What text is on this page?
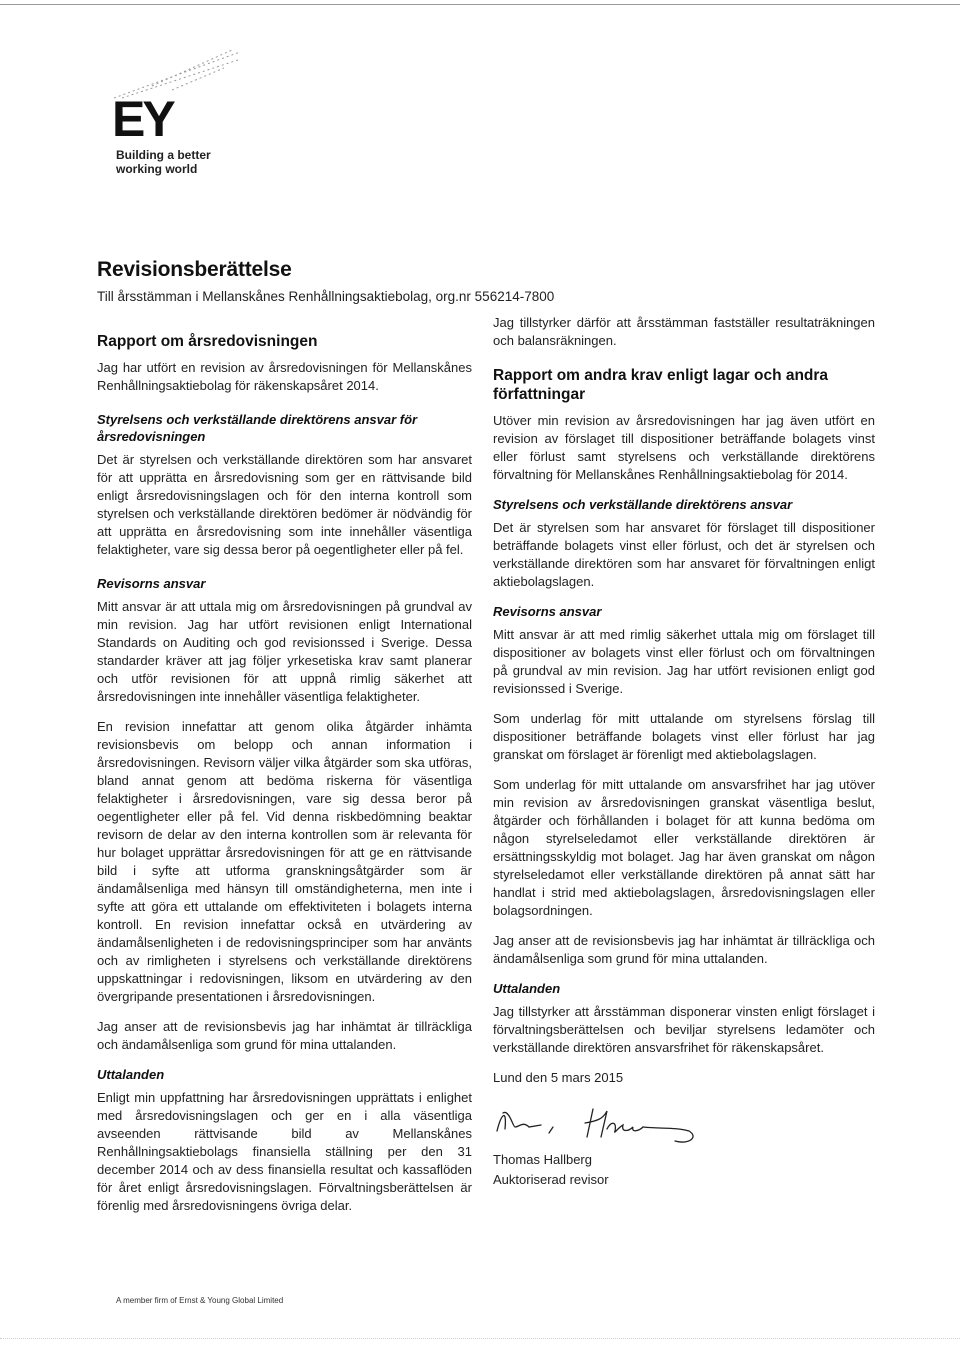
EY
Building a better
working world
Revisionsberättelse
Till årsstämman i Mellanskånes Renhållningsaktiebolag, org.nr 556214-7800
Rapport om årsredovisningen

Jag har utfört en revision av årsredovisningen för Mellanskånes Renhållningsaktiebolag för räkenskapsåret 2014.

Styrelsens och verkställande direktörens ansvar för årsredovisningen

Det är styrelsen och verkställande direktören som har ansvaret för att upprätta en årsredovisning som ger en rättvisande bild enligt årsredovisningslagen och för den interna kontroll som styrelsen och verkställande direktören bedömer är nödvändig för att upprätta en årsredovisning som inte innehåller väsentliga felaktigheter, vare sig dessa beror på oegentligheter eller på fel.

Revisorns ansvar

Mitt ansvar är att uttala mig om årsredovisningen på grundval av min revision. Jag har utfört revisionen enligt International Standards on Auditing och god revisionssed i Sverige. Dessa standarder kräver att jag följer yrkesetiska krav samt planerar och utför revisionen för att uppnå rimlig säkerhet att årsredovisningen inte innehåller väsentliga felaktigheter.

En revision innefattar att genom olika åtgärder inhämta revisionsbevis om belopp och annan information i årsredovisningen. Revisorn väljer vilka åtgärder som ska utföras, bland annat genom att bedöma riskerna för väsentliga felaktigheter i årsredovisningen, vare sig dessa beror på oegentligheter eller på fel. Vid denna riskbedömning beaktar revisorn de delar av den interna kontrollen som är relevanta för hur bolaget upprättar årsredovisningen för att ge en rättvisande bild i syfte att utforma granskningsåtgärder som är ändamålsenliga med hänsyn till omständigheterna, men inte i syfte att göra ett uttalande om effektiviteten i bolagets interna kontroll. En revision innefattar också en utvärdering av ändamålsenligheten i de redovisningsprinciper som har använts och av rimligheten i styrelsens och verkställande direktörens uppskattningar i redovisningen, liksom en utvärdering av den övergripande presentationen i årsredovisningen.

Jag anser att de revisionsbevis jag har inhämtat är tillräckliga och ändamålsenliga som grund för mina uttalanden.

Uttalanden

Enligt min uppfattning har årsredovisningen upprättats i enlighet med årsredovisningslagen och ger en i alla väsentliga avseenden rättvisande bild av Mellanskånes Renhållningsaktiebolags finansiella ställning per den 31 december 2014 och av dess finansiella resultat och kassaflöden för året enligt årsredovisningslagen. Förvaltningsberättelsen är förenlig med årsredovisningens övriga delar.

Jag tillstyrker därför att årsstämman fastställer resultaträkningen och balansräkningen.

Rapport om andra krav enligt lagar och andra författningar

Utöver min revision av årsredovisningen har jag även utfört en revision av förslaget till dispositioner beträffande bolagets vinst eller förlust samt styrelsens och verkställande direktörens förvaltning för Mellanskånes Renhållningsaktiebolag för 2014.

Styrelsens och verkställande direktörens ansvar

Det är styrelsen som har ansvaret för förslaget till dispositioner beträffande bolagets vinst eller förlust, och det är styrelsen och verkställande direktören som har ansvaret för förvaltningen enligt aktiebolagslagen.

Revisorns ansvar

Mitt ansvar är att med rimlig säkerhet uttala mig om förslaget till dispositioner av bolagets vinst eller förlust och om förvaltningen på grundval av min revision. Jag har utfört revisionen enligt god revisionssed i Sverige.

Som underlag för mitt uttalande om styrelsens förslag till dispositioner beträffande bolagets vinst eller förlust har jag granskat om förslaget är förenligt med aktiebolagslagen.

Som underlag för mitt uttalande om ansvarsfrihet har jag utöver min revision av årsredovisningen granskat väsentliga beslut, åtgärder och förhållanden i bolaget för att kunna bedöma om någon styrelseledamot eller verkställande direktören är ersättningsskyldig mot bolaget. Jag har även granskat om någon styrelseledamot eller verkställande direktören på annat sätt har handlat i strid med aktiebolagslagen, årsredovisningslagen eller bolagsordningen.

Jag anser att de revisionsbevis jag har inhämtat är tillräckliga och ändamålsenliga som grund för mina uttalanden.

Uttalanden

Jag tillstyrker att årsstämman disponerar vinsten enligt förslaget i förvaltningsberättelsen och beviljar styrelsens ledamöter och verkställande direktören ansvarsfrihet för räkenskapsåret.

Lund den 5 mars 2015
Thomas Hallberg
Auktoriserad revisor
A member firm of Ernst & Young Global Limited
